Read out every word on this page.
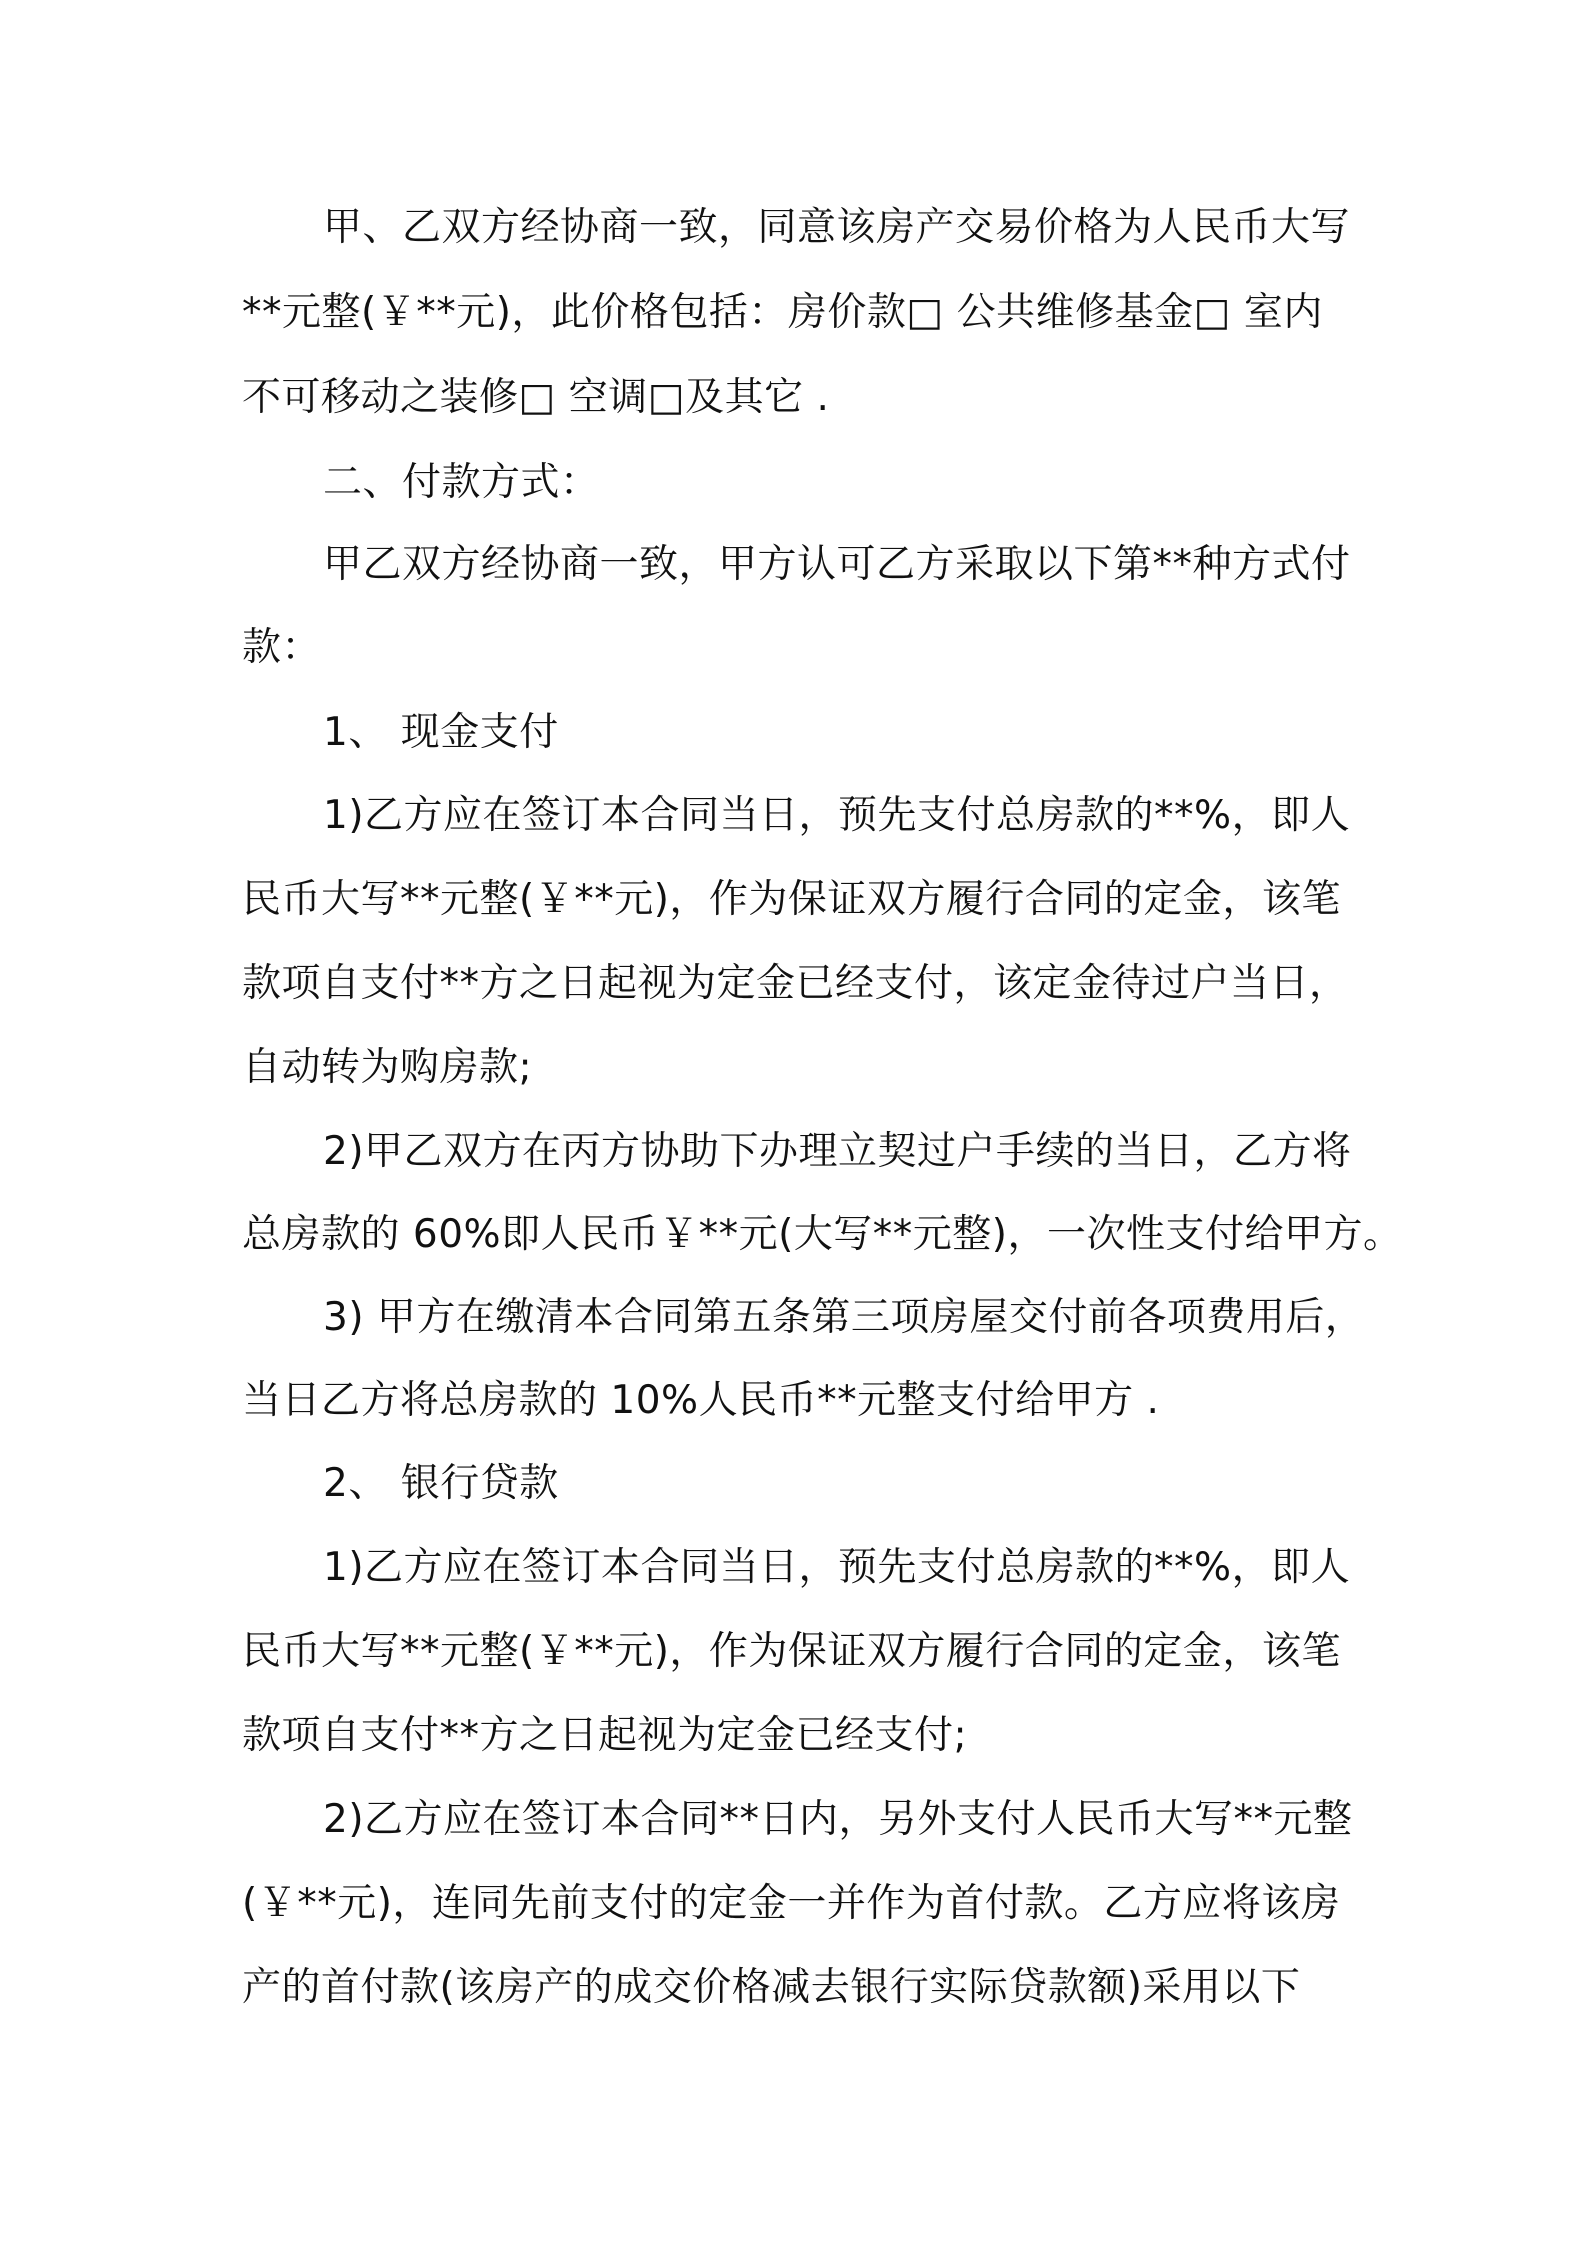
甲、乙双方经协商一致，同意该房产交易价格为人民币大写
**元整(￥**元)，此价格包括：房价款□ 公共维修基金□ 室内
不可移动之装修□ 空调□及其它 .
二、付款方式：
甲乙双方经协商一致，甲方认可乙方采取以下第**种方式付
款：
1、 现金支付
1)乙方应在签订本合同当日，预先支付总房款的**%，即人
民币大写**元整(￥**元)，作为保证双方履行合同的定金，该笔
款项自支付**方之日起视为定金已经支付，该定金待过户当日，
自动转为购房款;
2)甲乙双方在丙方协助下办理立契过户手续的当日，乙方将
总房款的 60%即人民币￥**元(大写**元整)，一次性支付给甲方。
3) 甲方在缴清本合同第五条第三项房屋交付前各项费用后，
当日乙方将总房款的 10%人民币**元整支付给甲方 .
2、 银行贷款
1)乙方应在签订本合同当日，预先支付总房款的**%，即人
民币大写**元整(￥**元)，作为保证双方履行合同的定金，该笔
款项自支付**方之日起视为定金已经支付;
2)乙方应在签订本合同**日内，另外支付人民币大写**元整
(￥**元)，连同先前支付的定金一并作为首付款。乙方应将该房
产的首付款(该房产的成交价格减去银行实际贷款额)采用以下
